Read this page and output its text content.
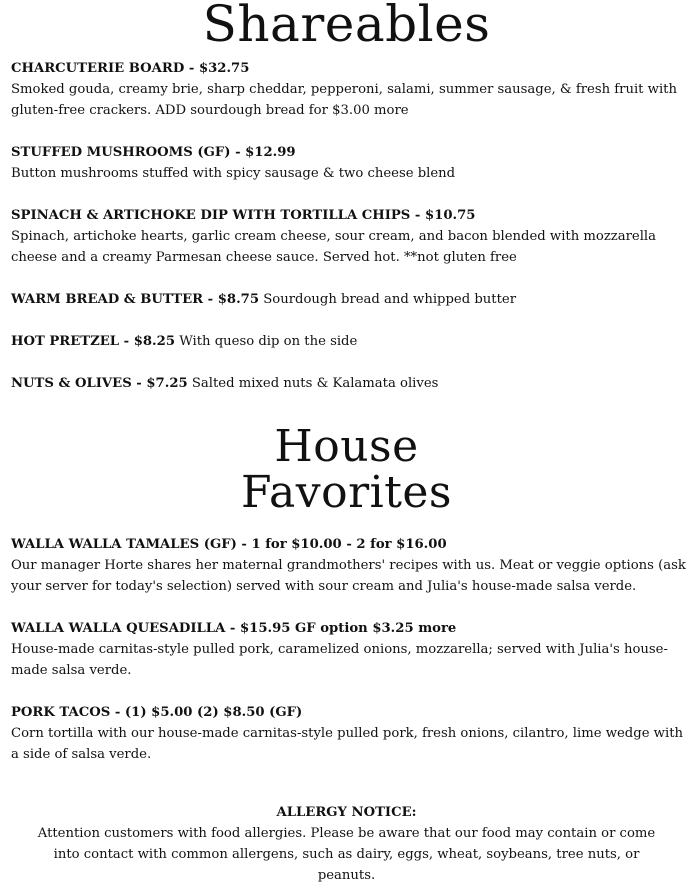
Shareables
CHARCUTERIE BOARD - $32.75
Smoked gouda, creamy brie, sharp cheddar, pepperoni, salami, summer sausage, & fresh fruit with gluten-free crackers. ADD sourdough bread for $3.00 more
STUFFED MUSHROOMS (GF) - $12.99
Button mushrooms stuffed with spicy sausage & two cheese blend
SPINACH & ARTICHOKE DIP WITH TORTILLA CHIPS - $10.75
Spinach, artichoke hearts, garlic cream cheese, sour cream, and bacon blended with mozzarella cheese and a creamy Parmesan cheese sauce. Served hot. **not gluten free
WARM BREAD & BUTTER - $8.75 Sourdough bread and whipped butter
HOT PRETZEL - $8.25 With queso dip on the side
NUTS & OLIVES - $7.25 Salted mixed nuts & Kalamata olives
House
Favorites
WALLA WALLA TAMALES (GF) - 1 for $10.00 - 2 for $16.00
Our manager Horte shares her maternal grandmothers' recipes with us. Meat or veggie options (ask your server for today's selection) served with sour cream and Julia's house-made salsa verde.
WALLA WALLA QUESADILLA - $15.95 GF option $3.25 more
House-made carnitas-style pulled pork, caramelized onions, mozzarella; served with Julia's house-made salsa verde.
PORK TACOS - (1) $5.00 (2) $8.50 (GF)
Corn tortilla with our house-made carnitas-style pulled pork, fresh onions, cilantro, lime wedge with a side of salsa verde.
ALLERGY NOTICE:
Attention customers with food allergies. Please be aware that our food may contain or come into contact with common allergens, such as dairy, eggs, wheat, soybeans, tree nuts, or peanuts.
